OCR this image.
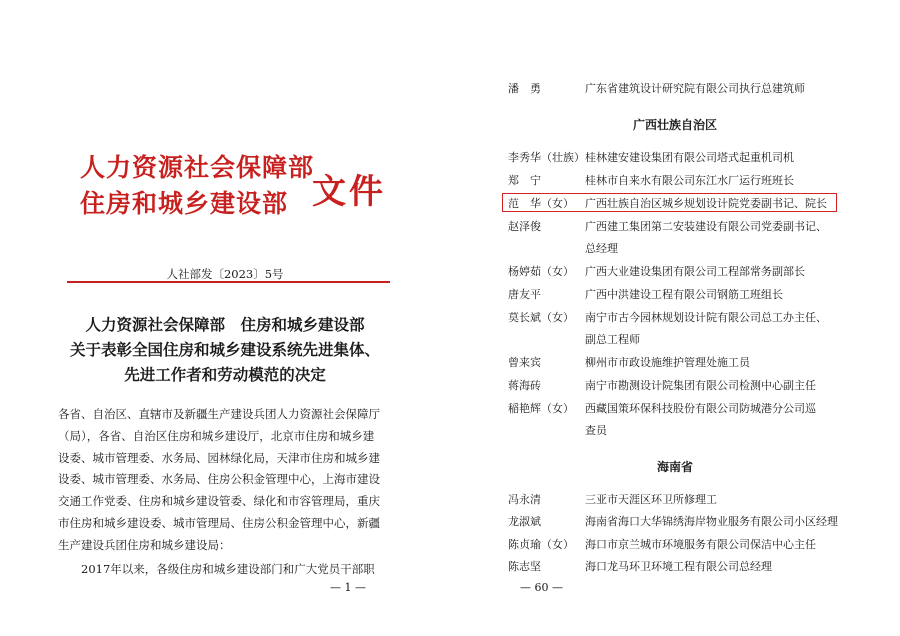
人力资源社会保障部
住房和城乡建设部 文件
人社部发〔2023〕5号
人力资源社会保障部　住房和城乡建设部
关于表彰全国住房和城乡建设系统先进集体、
先进工作者和劳动模范的决定

各省、自治区、直辖市及新疆生产建设兵团人力资源社会保障厅

（局），各省、自治区住房和城乡建设厅，北京市住房和城乡建

设委、城市管理委、水务局、园林绿化局，天津市住房和城乡建

设委、城市管理委、水务局、住房公积金管理中心，上海市建设

交通工作党委、住房和城乡建设管委、绿化和市容管理局，重庆

市住房和城乡建设委、城市管理局、住房公积金管理中心，新疆

生产建设兵团住房和城乡建设局：

2017年以来，各级住房和城乡建设部门和广大党员干部职

— 1 —
潘　勇	广东省建筑设计研究院有限公司执行总建筑师
广西壮族自治区
李秀华（壮族） 桂林建安建设集团有限公司塔式起重机司机
郑　宁	桂林市自来水有限公司东江水厂运行班班长
范　华（女） 广西壮族自治区城乡规划设计院党委副书记、院长
赵泽俊	广西建工集团第二安装建设有限公司党委副书记、
总经理
杨婷茹（女） 广西大业建设集团有限公司工程部常务副部长
唐友平	广西中洪建设工程有限公司钢筋工班组长
莫长斌（女） 南宁市古今园林规划设计院有限公司总工办主任、
副总工程师
曾来宾	柳州市市政设施维护管理处施工员
蒋海砖	南宁市勘测设计院集团有限公司检测中心副主任
稲艳辉（女） 西藏国策环保科技股份有限公司防城港分公司巡
查员
海南省
冯永清	三亚市天涯区环卫所修理工
龙淑斌	海南省海口大华锦绣海岸物业服务有限公司小区经理
陈贞瑜（女） 海口市京兰城市环境服务有限公司保洁中心主任
陈志坚	海口龙马环卫环境工程有限公司总经理
— 60 —
